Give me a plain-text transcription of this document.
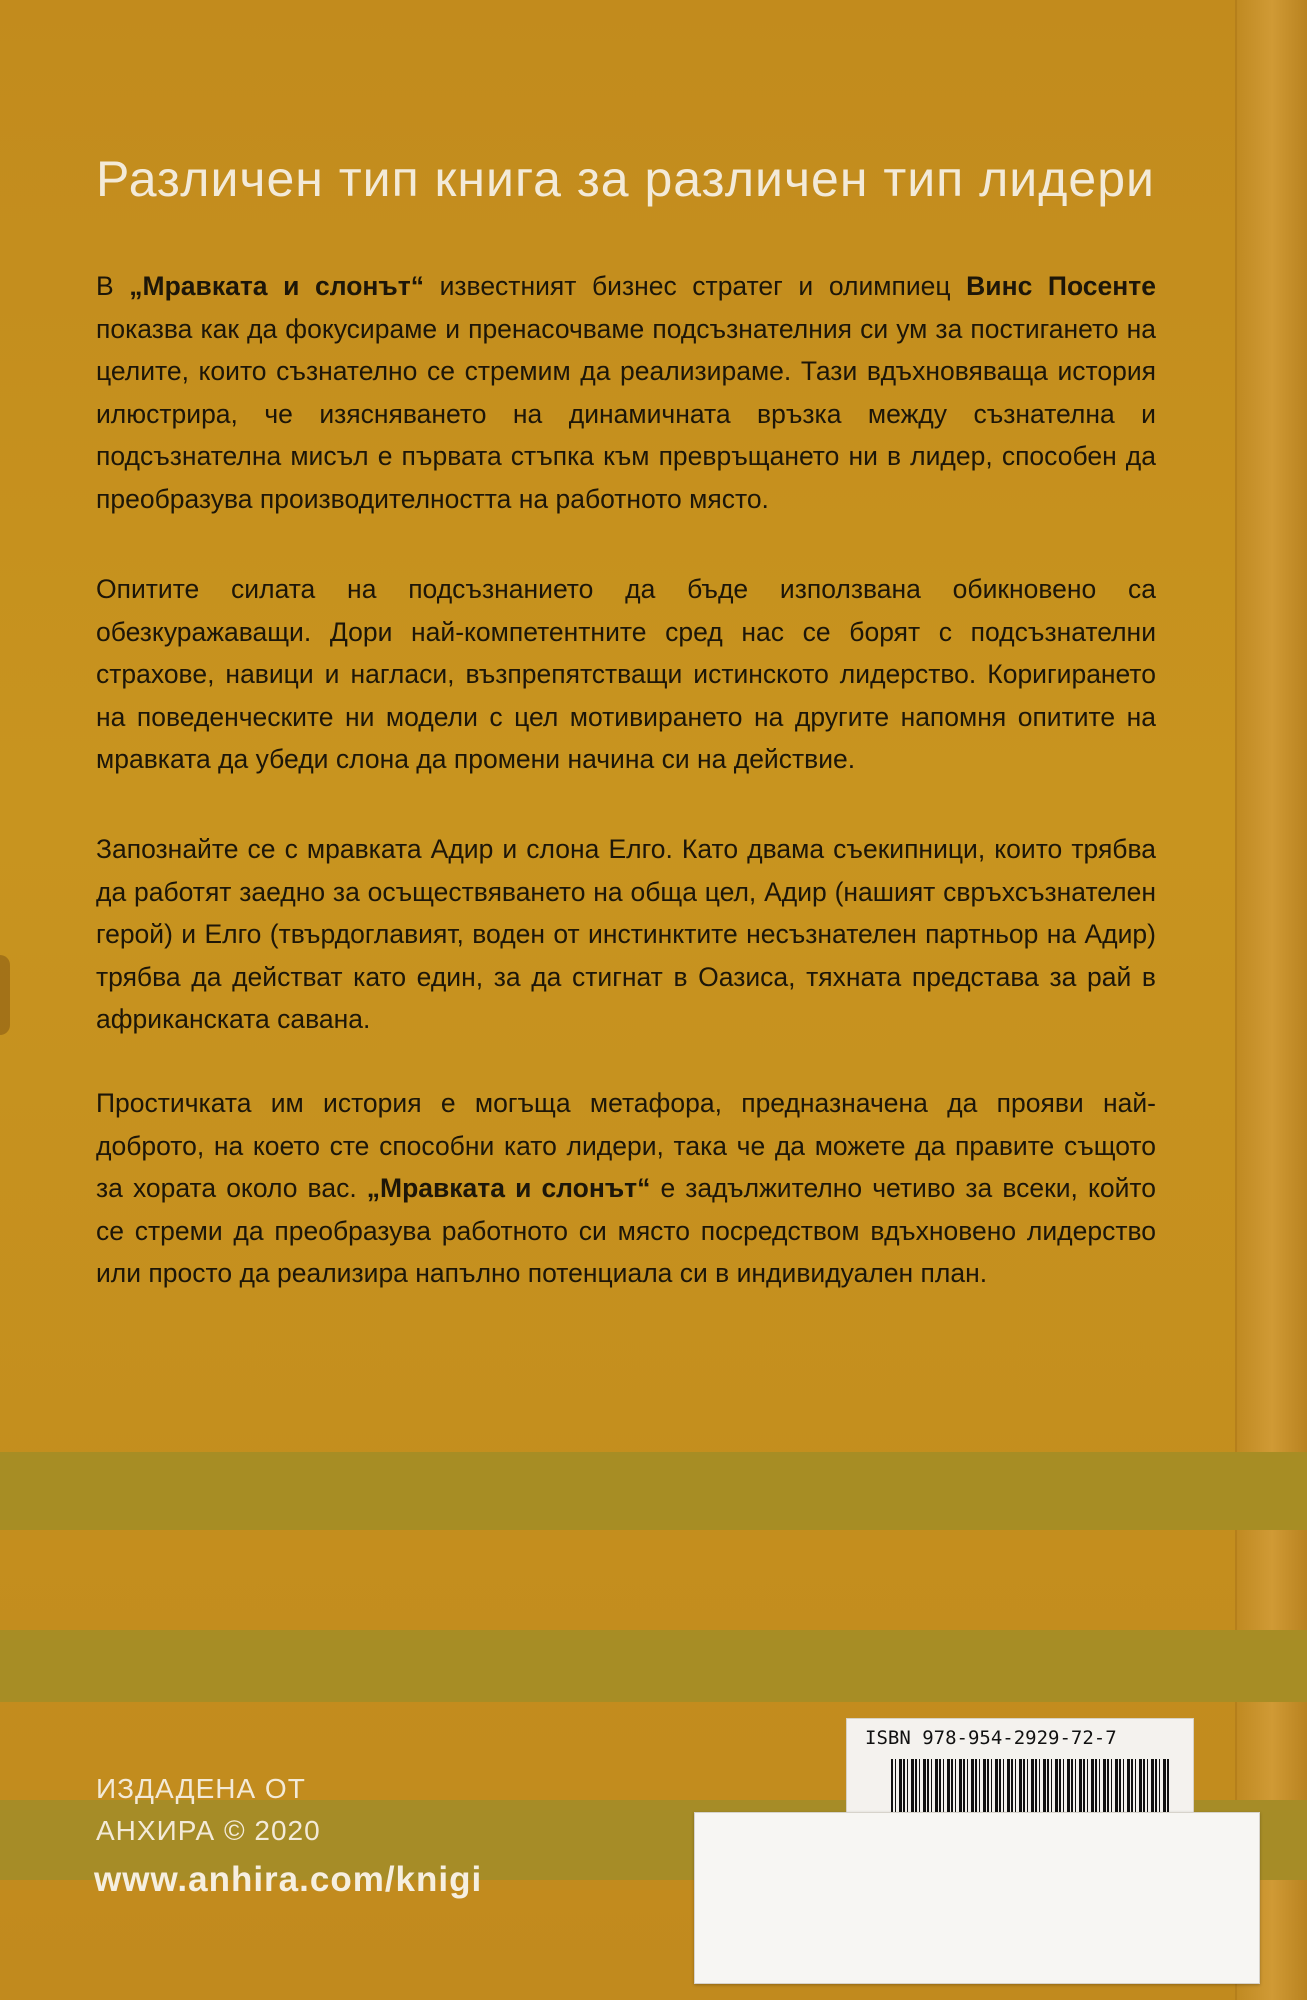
Различен тип книга за различен тип лидери

В „Мравката и слонът“ известният бизнес стратег и олимпиец Винс Посенте показва как да фокусираме и пренасочваме подсъзнателния си ум за постигането на целите, които съзнателно се стремим да реализираме. Тази вдъхновяваща история илюстрира, че изясняването на динамичната връзка между съзнателна и подсъзнателна мисъл е първата стъпка към превръщането ни в лидер, способен да преобразува производителността на работното място.

Опитите силата на подсъзнанието да бъде използвана обикновено са обезкуражаващи. Дори най-компетентните сред нас се борят с подсъзнателни страхове, навици и нагласи, възпрепятстващи истинското лидерство. Коригирането на поведенческите ни модели с цел мотивирането на другите напомня опитите на мравката да убеди слона да промени начина си на действие.

Запознайте се с мравката Адир и слона Елго. Като двама съекипници, които трябва да работят заедно за осъществяването на обща цел, Адир (нашият свръхсъзнателен герой) и Елго (твърдоглавият, воден от инстинктите несъзнателен партньор на Адир) трябва да действат като един, за да стигнат в Оазиса, тяхната представа за рай в африканската савана.

Простичката им история е могъща метафора, предназначена да прояви най-доброто, на което сте способни като лидери, така че да можете да правите същото за хората около вас. „Мравката и слонът“ е задължително четиво за всеки, който се стреми да преобразува работното си място посредством вдъхновено лидерство или просто да реализира напълно потенциала си в индивидуален план.

ИЗДАДЕНА ОТ
АНХИРА © 2020
www.anhira.com/knigi
ISBN 978-954-2929-72-7
